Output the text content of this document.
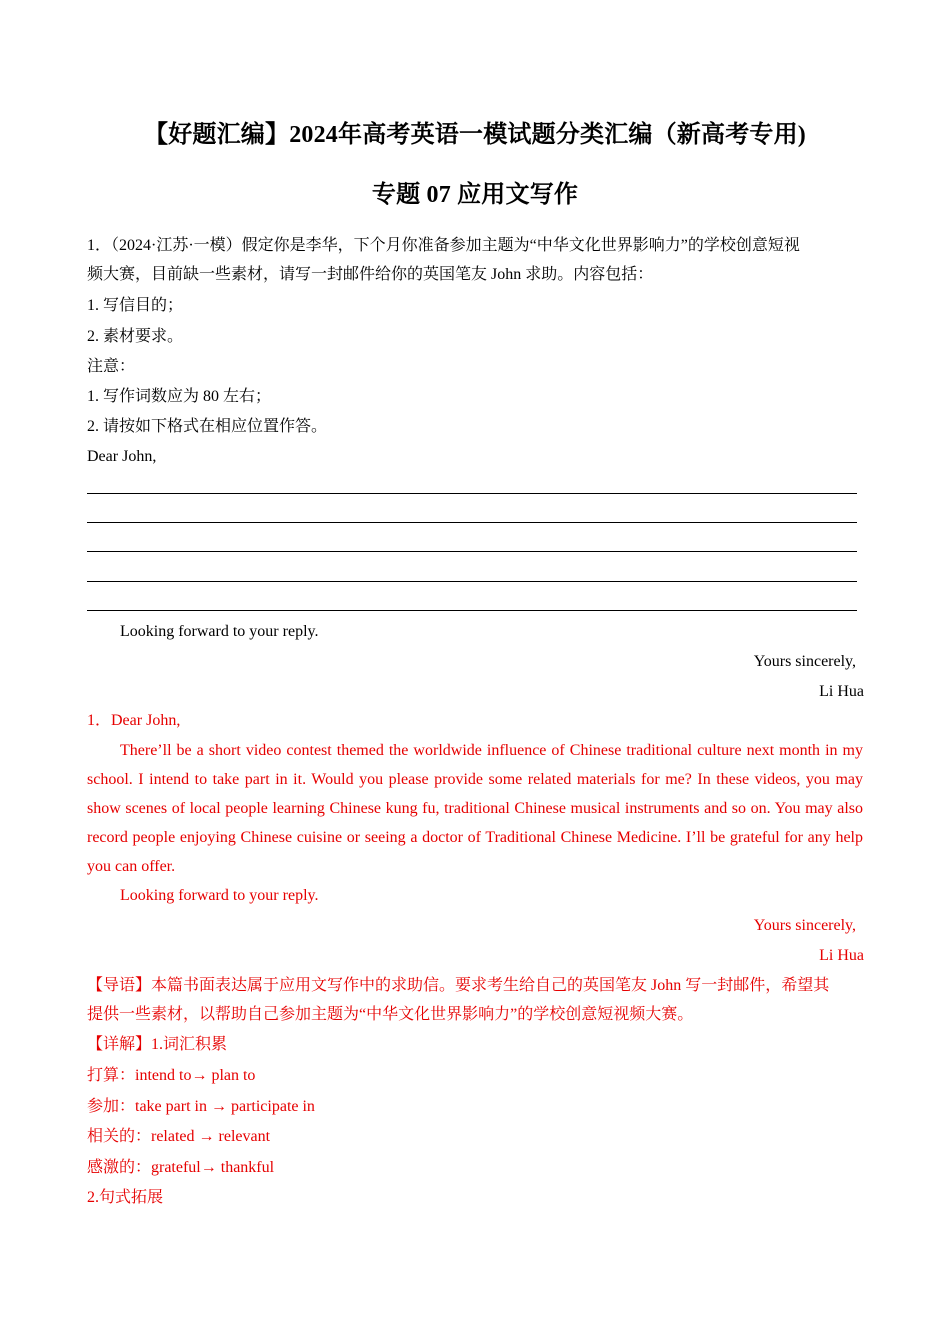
【好题汇编】2024年高考英语一模试题分类汇编（新高考专用)
专题 07 应用文写作
1．（2024·江苏·一模）假定你是李华，下个月你准备参加主题为“中华文化世界影响力”的学校创意短视
频大赛，目前缺一些素材，请写一封邮件给你的英国笔友 John 求助。内容包括：
1. 写信目的；
2. 素材要求。
注意：
1. 写作词数应为 80 左右；
2. 请按如下格式在相应位置作答。
Dear John,
Looking forward to your reply.
Yours sincerely,
Li Hua
1．Dear John,
There’ll be a short video contest themed the worldwide influence of Chinese traditional culture next month in my school. I intend to take part in it. Would you please provide some related materials for me? In these videos, you may show scenes of local people learning Chinese kung fu, traditional Chinese musical instruments and so on. You may also record people enjoying Chinese cuisine or seeing a doctor of Traditional Chinese Medicine. I’ll be grateful for any help you can offer.
Looking forward to your reply.
Yours sincerely,
Li Hua
【导语】本篇书面表达属于应用文写作中的求助信。要求考生给自己的英国笔友 John 写一封邮件，希望其
提供一些素材，以帮助自己参加主题为“中华文化世界影响力”的学校创意短视频大赛。
【详解】1.词汇积累
打算：intend to→ plan to
参加：take part in → participate in
相关的：related → relevant
感激的：grateful→ thankful
2.句式拓展
